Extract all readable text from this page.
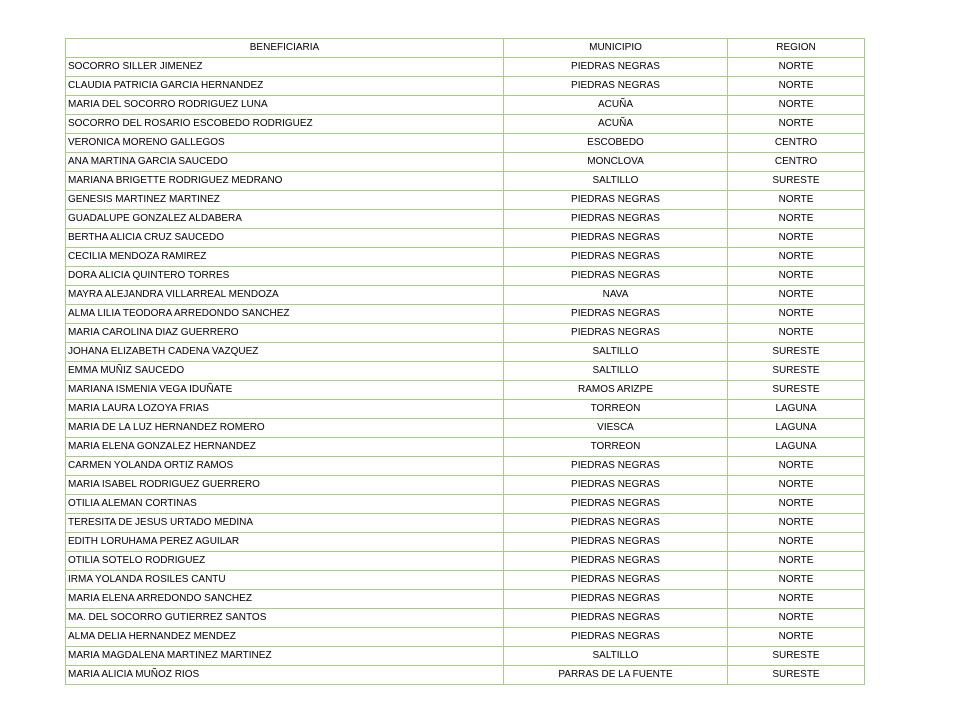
BENEFICIARIA	MUNICIPIO	REGION
SOCORRO SILLER JIMENEZ	PIEDRAS NEGRAS	NORTE
CLAUDIA PATRICIA GARCIA HERNANDEZ	PIEDRAS NEGRAS	NORTE
MARIA DEL SOCORRO RODRIGUEZ LUNA	ACUÑA	NORTE
SOCORRO DEL ROSARIO ESCOBEDO RODRIGUEZ	ACUÑA	NORTE
VERONICA MORENO GALLEGOS	ESCOBEDO	CENTRO
ANA MARTINA GARCIA SAUCEDO	MONCLOVA	CENTRO
MARIANA BRIGETTE RODRIGUEZ MEDRANO	SALTILLO	SURESTE
GENESIS MARTINEZ MARTINEZ	PIEDRAS NEGRAS	NORTE
GUADALUPE GONZALEZ ALDABERA	PIEDRAS NEGRAS	NORTE
BERTHA ALICIA CRUZ SAUCEDO	PIEDRAS NEGRAS	NORTE
CECILIA MENDOZA RAMIREZ	PIEDRAS NEGRAS	NORTE
DORA ALICIA QUINTERO TORRES	PIEDRAS NEGRAS	NORTE
MAYRA ALEJANDRA VILLARREAL MENDOZA	NAVA	NORTE
ALMA LILIA TEODORA ARREDONDO SANCHEZ	PIEDRAS NEGRAS	NORTE
MARIA CAROLINA DIAZ GUERRERO	PIEDRAS NEGRAS	NORTE
JOHANA ELIZABETH CADENA VAZQUEZ	SALTILLO	SURESTE
EMMA MUÑIZ SAUCEDO	SALTILLO	SURESTE
MARIANA ISMENIA VEGA IDUÑATE	RAMOS ARIZPE	SURESTE
MARIA LAURA LOZOYA FRIAS	TORREON	LAGUNA
MARIA DE LA LUZ HERNANDEZ ROMERO	VIESCA	LAGUNA
MARIA ELENA GONZALEZ HERNANDEZ	TORREON	LAGUNA
CARMEN YOLANDA ORTIZ RAMOS	PIEDRAS NEGRAS	NORTE
MARIA ISABEL RODRIGUEZ GUERRERO	PIEDRAS NEGRAS	NORTE
OTILIA ALEMAN CORTINAS	PIEDRAS NEGRAS	NORTE
TERESITA DE JESUS URTADO MEDINA	PIEDRAS NEGRAS	NORTE
EDITH LORUHAMA PEREZ AGUILAR	PIEDRAS NEGRAS	NORTE
OTILIA SOTELO RODRIGUEZ	PIEDRAS NEGRAS	NORTE
IRMA YOLANDA ROSILES CANTU	PIEDRAS NEGRAS	NORTE
MARIA ELENA ARREDONDO SANCHEZ	PIEDRAS NEGRAS	NORTE
MA. DEL SOCORRO GUTIERREZ SANTOS	PIEDRAS NEGRAS	NORTE
ALMA DELIA HERNANDEZ MENDEZ	PIEDRAS NEGRAS	NORTE
MARIA MAGDALENA MARTINEZ MARTINEZ	SALTILLO	SURESTE
MARIA ALICIA MUÑOZ RIOS	PARRAS DE LA FUENTE	SURESTE
